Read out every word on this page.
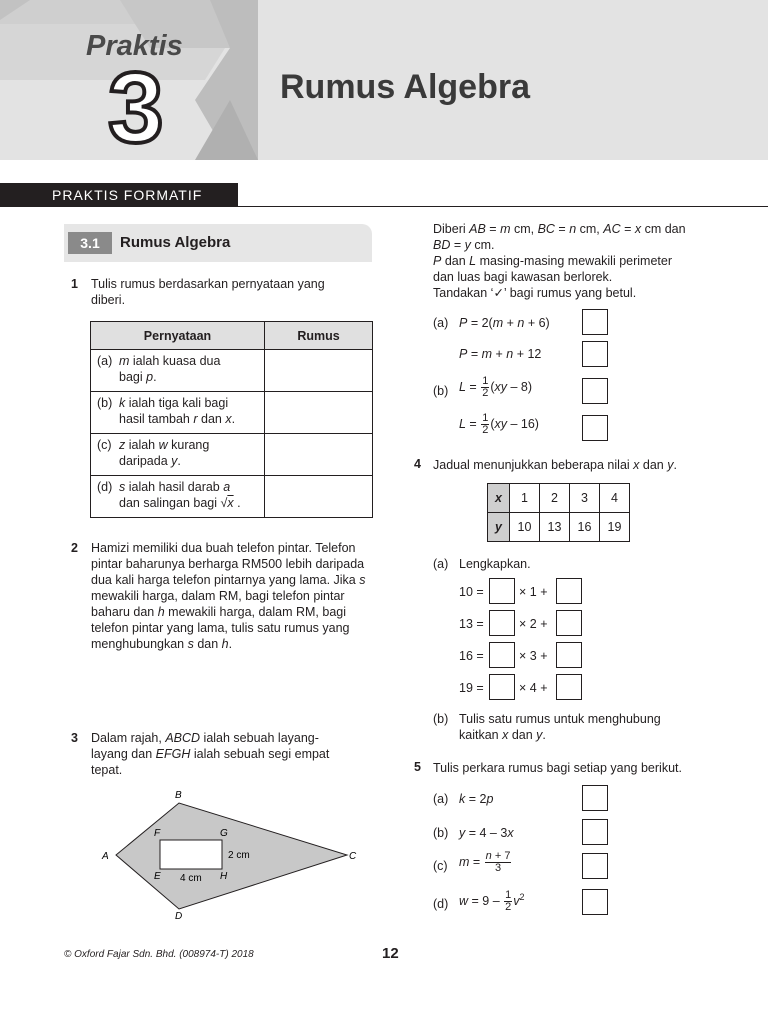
Praktis
3	Rumus Algebra
PRAKTIS FORMATIF
3.1	Rumus Algebra
1 Tulis rumus berdasarkan pernyataan yang diberi.
Pernyataan	Rumus

(a) m ialah kuasa dua
bagi p.	

(b) k ialah tiga kali bagi
hasil tambah r dan x.	

(c) z ialah w kurang
daripada y.	

(d) s ialah hasil darab a
dan salingan bagi √x .	
2 Hamizi memiliki dua buah telefon pintar. Telefon pintar baharunya berharga RM500 lebih daripada dua kali harga telefon pintarnya yang lama. Jika s mewakili harga, dalam RM, bagi telefon pintar baharu dan h mewakili harga, dalam RM, bagi telefon pintar yang lama, tulis satu rumus yang menghubungkan s dan h.
3 Dalam rajah, ABCD ialah sebuah layang-layang dan EFGH ialah sebuah segi empat tepat.
A
B
C
D
F	G
E	H
2 cm
4 cm
Diberi AB = m cm, BC = n cm, AC = x cm dan
BD = y cm.
P dan L masing-masing mewakili perimeter
dan luas bagi kawasan berlorek.
Tandakan ‘✓’ bagi rumus yang betul.
(a) P = 2(m + n + 6)
P = m + n + 12
(b) $L = \frac{1}{2} (xy - 8)$
$L = \frac{1}{2} (xy - 16)$
4 Jadual menunjukkan beberapa nilai x dan y.
x	1	2	3	4
y	10	13	16	19
(a) Lengkapkan.
10 =	× 1 +
13 =	× 2 +
16 =	× 3 +
19 =	× 4 +
(b) Tulis satu rumus untuk menghubung
kaitkan x dan y.
5 Tulis perkara rumus bagi setiap yang berikut.
(a) k = 2p
(b) y = 4 – 3x
(c) $m = \frac{n + 7}{3}$
(d) $w = 9 - \frac{1}{2} v^2$
© Oxford Fajar Sdn. Bhd. (008974-T) 2018	12
